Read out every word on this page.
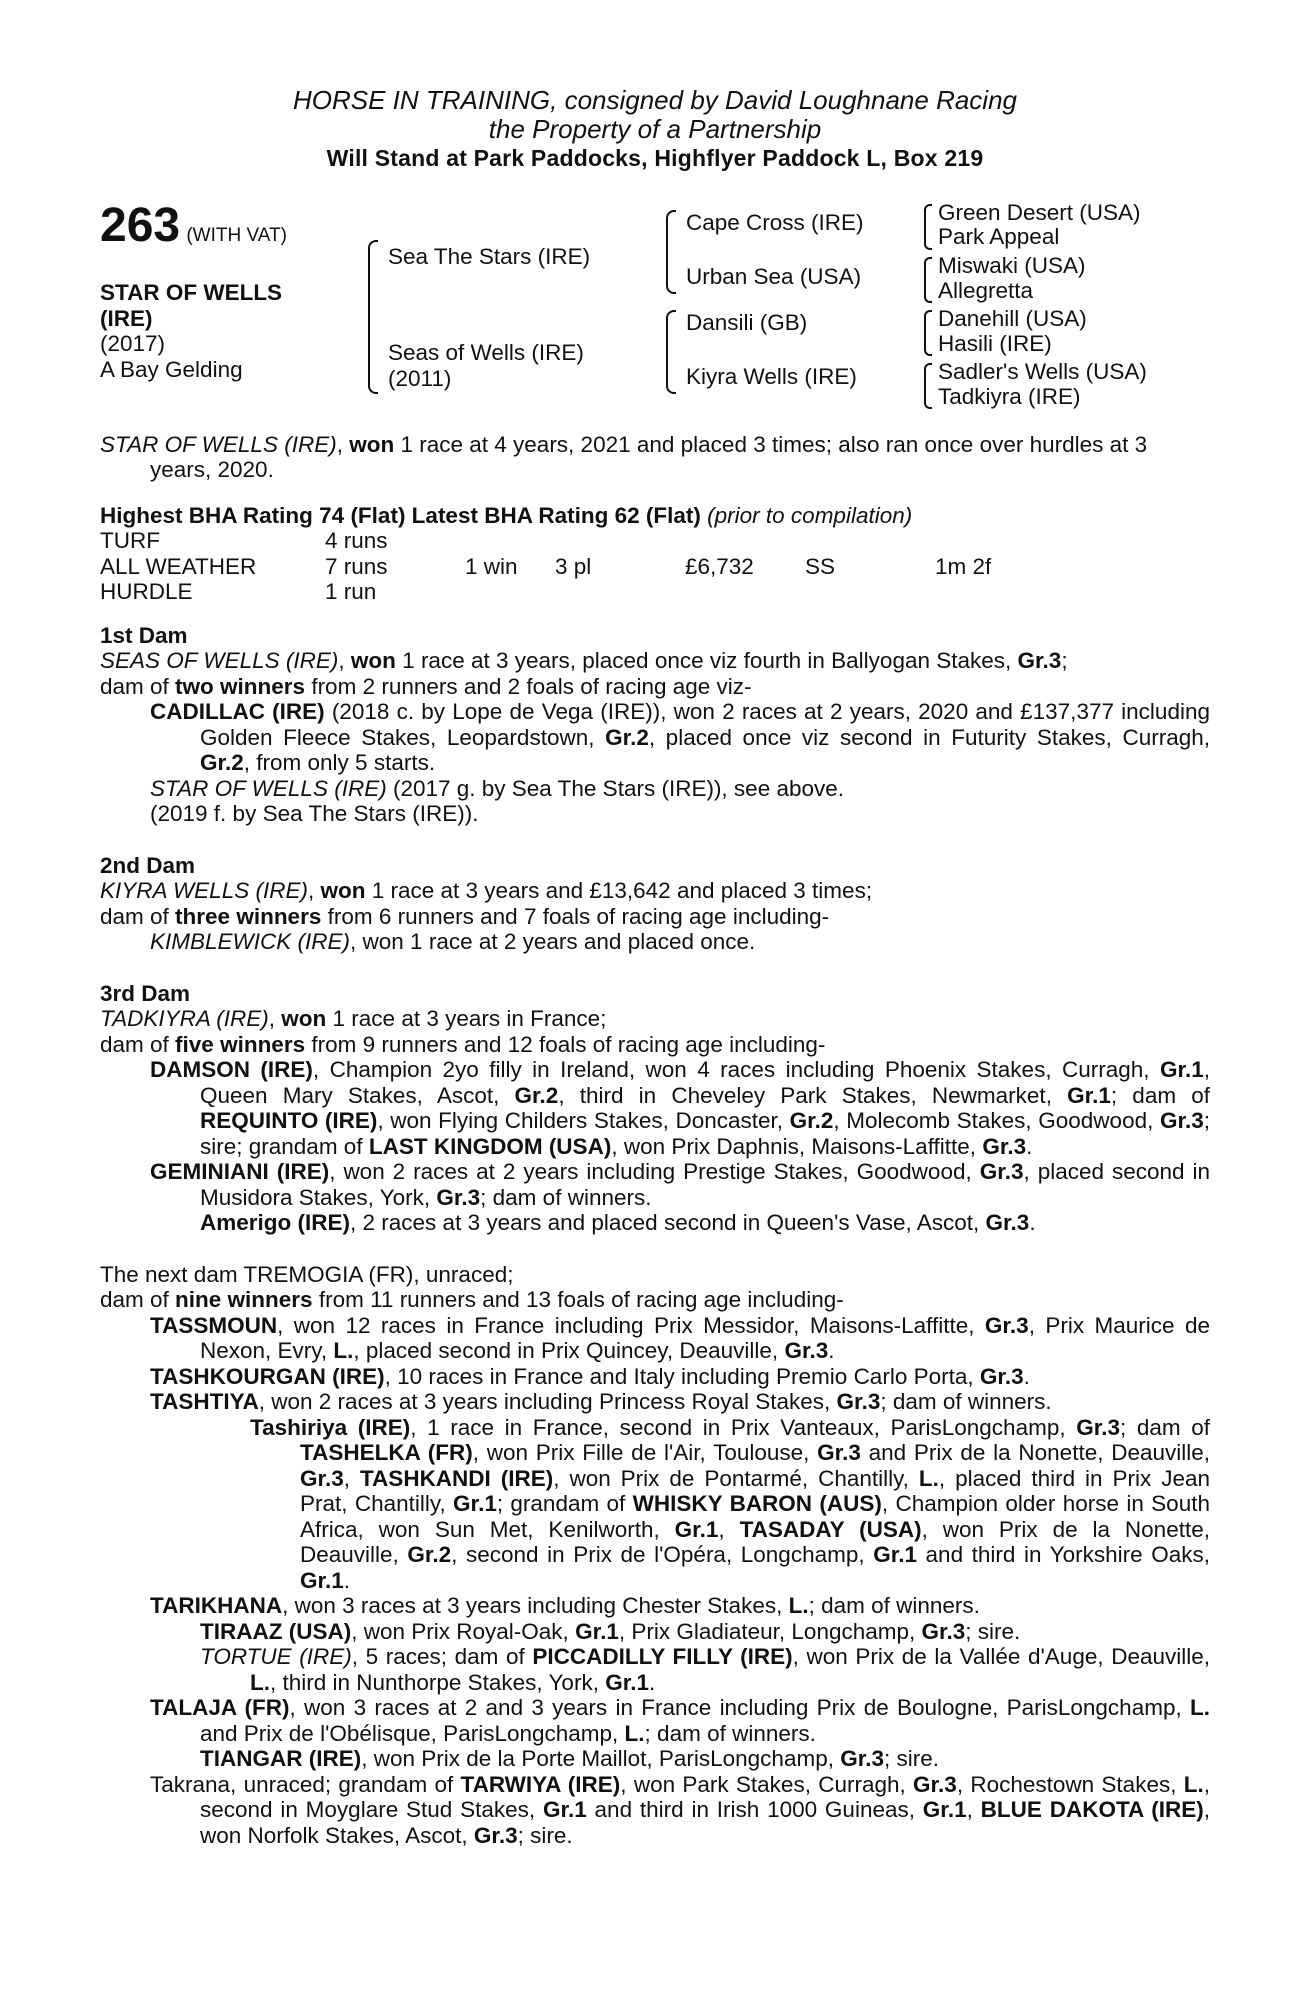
HORSE IN TRAINING, consigned by David Loughnane Racing
the Property of a Partnership
Will Stand at Park Paddocks, Highflyer Paddock L, Box 219
263 (WITH VAT)
STAR OF WELLS
(IRE)
(2017)
A Bay Gelding
Sea The Stars (IRE)
Seas of Wells (IRE)
(2011)
Cape Cross (IRE)
Urban Sea (USA)
Dansili (GB)
Kiyra Wells (IRE)
Green Desert (USA)
Park Appeal
Miswaki (USA)
Allegretta
Danehill (USA)
Hasili (IRE)
Sadler's Wells (USA)
Tadkiyra (IRE)

STAR OF WELLS (IRE), won 1 race at 4 years, 2021 and placed 3 times; also ran once over hurdles at 3 years, 2020.

Highest BHA Rating 74 (Flat) Latest BHA Rating 62 (Flat) (prior to compilation)
TURF	4 runs
ALL WEATHER	7 runs	1 win	3 pl	£6,732	SS	1m 2f
HURDLE	1 run
1st Dam

SEAS OF WELLS (IRE), won 1 race at 3 years, placed once viz fourth in Ballyogan Stakes, Gr.3;

dam of two winners from 2 runners and 2 foals of racing age viz-

CADILLAC (IRE) (2018 c. by Lope de Vega (IRE)), won 2 races at 2 years, 2020 and £137,377 including Golden Fleece Stakes, Leopardstown, Gr.2, placed once viz second in Futurity Stakes, Curragh, Gr.2, from only 5 starts.

STAR OF WELLS (IRE) (2017 g. by Sea The Stars (IRE)), see above.

(2019 f. by Sea The Stars (IRE)).

2nd Dam

KIYRA WELLS (IRE), won 1 race at 3 years and £13,642 and placed 3 times;

dam of three winners from 6 runners and 7 foals of racing age including-

KIMBLEWICK (IRE), won 1 race at 2 years and placed once.

3rd Dam

TADKIYRA (IRE), won 1 race at 3 years in France;

dam of five winners from 9 runners and 12 foals of racing age including-

DAMSON (IRE), Champion 2yo filly in Ireland, won 4 races including Phoenix Stakes, Curragh, Gr.1, Queen Mary Stakes, Ascot, Gr.2, third in Cheveley Park Stakes, Newmarket, Gr.1; dam of REQUINTO (IRE), won Flying Childers Stakes, Doncaster, Gr.2, Molecomb Stakes, Goodwood, Gr.3; sire; grandam of LAST KINGDOM (USA), won Prix Daphnis, Maisons-Laffitte, Gr.3.

GEMINIANI (IRE), won 2 races at 2 years including Prestige Stakes, Goodwood, Gr.3, placed second in Musidora Stakes, York, Gr.3; dam of winners.

Amerigo (IRE), 2 races at 3 years and placed second in Queen's Vase, Ascot, Gr.3.

The next dam TREMOGIA (FR), unraced;

dam of nine winners from 11 runners and 13 foals of racing age including-

TASSMOUN, won 12 races in France including Prix Messidor, Maisons-Laffitte, Gr.3, Prix Maurice de Nexon, Evry, L., placed second in Prix Quincey, Deauville, Gr.3.

TASHKOURGAN (IRE), 10 races in France and Italy including Premio Carlo Porta, Gr.3.

TASHTIYA, won 2 races at 3 years including Princess Royal Stakes, Gr.3; dam of winners.

Tashiriya (IRE), 1 race in France, second in Prix Vanteaux, ParisLongchamp, Gr.3; dam of TASHELKA (FR), won Prix Fille de l'Air, Toulouse, Gr.3 and Prix de la Nonette, Deauville, Gr.3, TASHKANDI (IRE), won Prix de Pontarmé, Chantilly, L., placed third in Prix Jean Prat, Chantilly, Gr.1; grandam of WHISKY BARON (AUS), Champion older horse in South Africa, won Sun Met, Kenilworth, Gr.1, TASADAY (USA), won Prix de la Nonette, Deauville, Gr.2, second in Prix de l'Opéra, Longchamp, Gr.1 and third in Yorkshire Oaks, Gr.1.

TARIKHANA, won 3 races at 3 years including Chester Stakes, L.; dam of winners.

TIRAAZ (USA), won Prix Royal-Oak, Gr.1, Prix Gladiateur, Longchamp, Gr.3; sire.

TORTUE (IRE), 5 races; dam of PICCADILLY FILLY (IRE), won Prix de la Vallée d'Auge, Deauville, L., third in Nunthorpe Stakes, York, Gr.1.

TALAJA (FR), won 3 races at 2 and 3 years in France including Prix de Boulogne, ParisLongchamp, L. and Prix de l'Obélisque, ParisLongchamp, L.; dam of winners.

TIANGAR (IRE), won Prix de la Porte Maillot, ParisLongchamp, Gr.3; sire.

Takrana, unraced; grandam of TARWIYA (IRE), won Park Stakes, Curragh, Gr.3, Rochestown Stakes, L., second in Moyglare Stud Stakes, Gr.1 and third in Irish 1000 Guineas, Gr.1, BLUE DAKOTA (IRE), won Norfolk Stakes, Ascot, Gr.3; sire.
